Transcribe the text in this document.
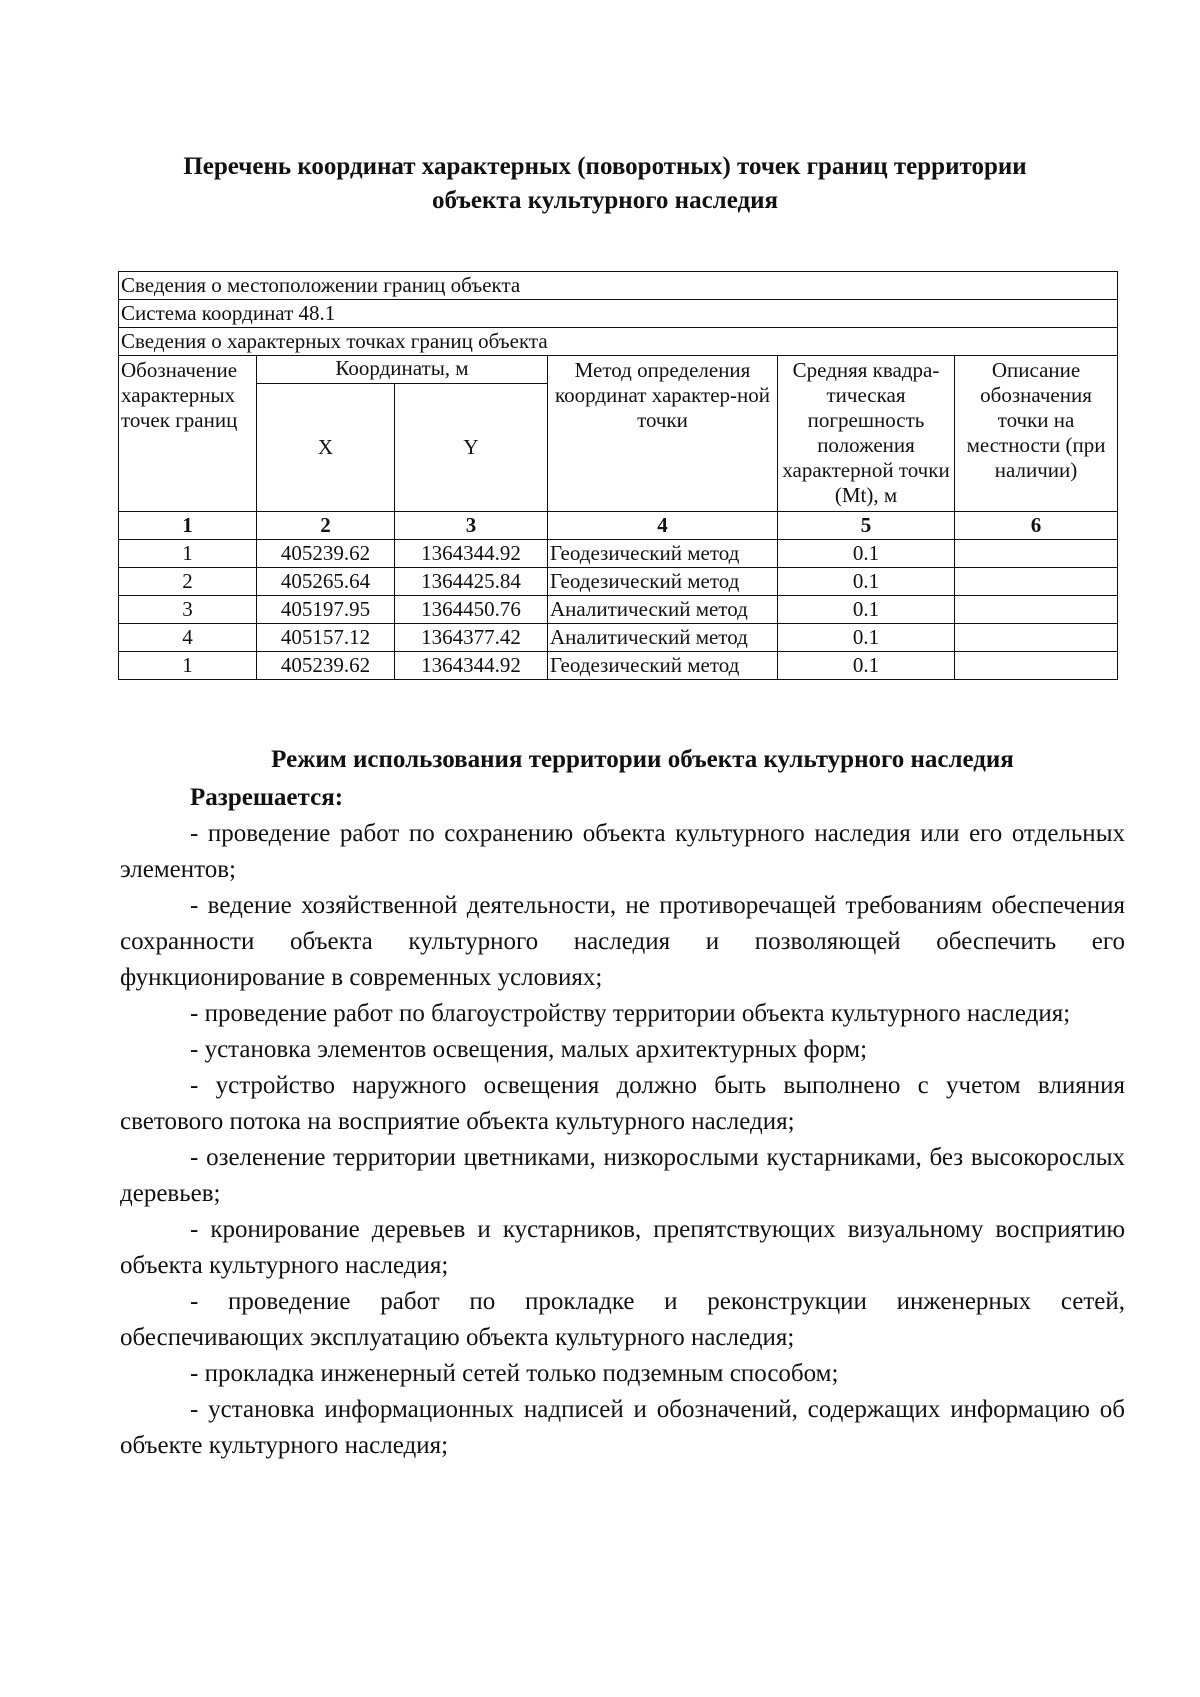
Перечень координат характерных (поворотных) точек границ территории
объекта культурного наследия
Сведения о местоположении границ объекта					
Система координат 48.1					
Сведения о характерных точках границ объекта					
Обозначение характерных точек границ	Координаты, м		Метод определения координат характер-ной точки	Средняя квадра-тическая погрешность положения характерной точки (Mt), м	Описание обозначения точки на местности (при наличии)
	X	Y			
1	2	3	4	5	6
1	405239.62	1364344.92	Геодезический метод	0.1	
2	405265.64	1364425.84	Геодезический метод	0.1	
3	405197.95	1364450.76	Аналитический метод	0.1	
4	405157.12	1364377.42	Аналитический метод	0.1	
1	405239.62	1364344.92	Геодезический метод	0.1	
Режим использования территории объекта культурного наследия
Разрешается:

- проведение работ по сохранению объекта культурного наследия или его отдельных элементов;

- ведение хозяйственной деятельности, не противоречащей требованиям обеспечения сохранности объекта культурного наследия и позволяющей обеспечить его функционирование в современных условиях;

- проведение работ по благоустройству территории объекта культурного наследия;

- установка элементов освещения, малых архитектурных форм;

- устройство наружного освещения должно быть выполнено с учетом влияния светового потока на восприятие объекта культурного наследия;

- озеленение территории цветниками, низкорослыми кустарниками, без высокорослых деревьев;

- кронирование деревьев и кустарников, препятствующих визуальному восприятию объекта культурного наследия;

- проведение работ по прокладке и реконструкции инженерных сетей, обеспечивающих эксплуатацию объекта культурного наследия;

- прокладка инженерный сетей только подземным способом;

- установка информационных надписей и обозначений, содержащих информацию об объекте культурного наследия;
